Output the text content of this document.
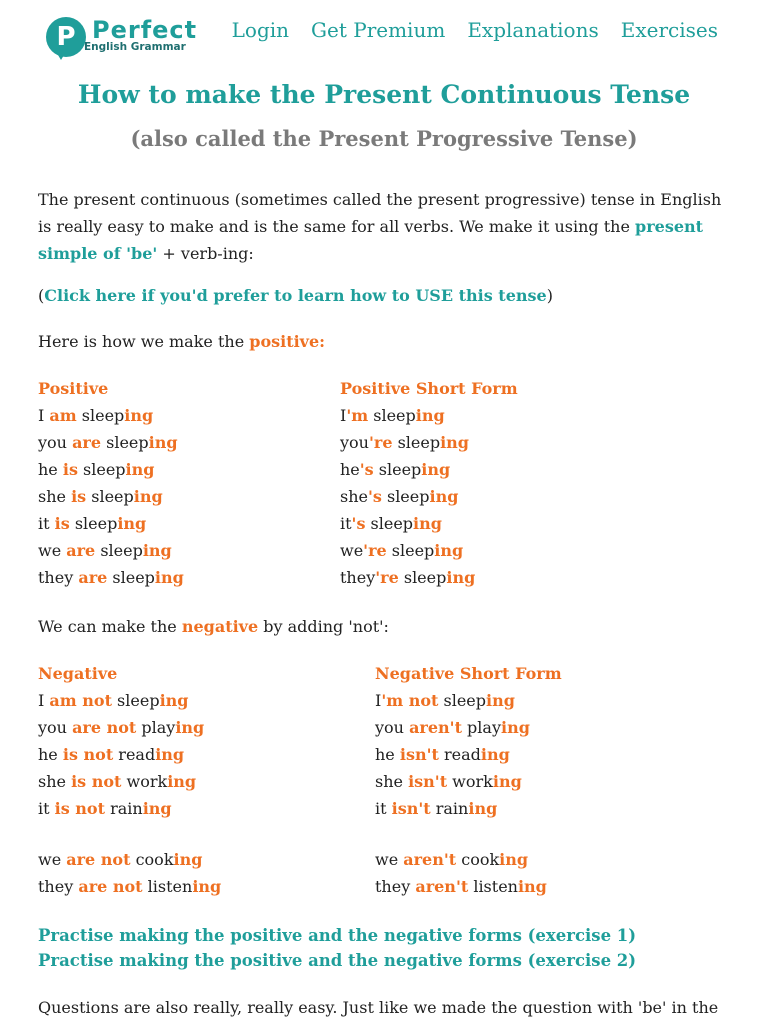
P Perfect
English Grammar
Login Get Premium Explanations Exercises
How to make the Present Continuous Tense
(also called the Present Progressive Tense)

The present continuous (sometimes called the present progressive) tense in English is really easy to make and is the same for all verbs. We make it using the present simple of 'be' + verb-ing:

(Click here if you'd prefer to learn how to USE this tense)

Here is how we make the positive:

Positive
I am sleeping
you are sleeping
he is sleeping
she is sleeping
it is sleeping
we are sleeping
they are sleeping
Positive Short Form
I'm sleeping
you're sleeping
he's sleeping
she's sleeping
it's sleeping
we're sleeping
they're sleeping

We can make the negative by adding 'not':

Negative
I am not sleeping
you are not playing
he is not reading
she is not working
it is not raining
we are not cooking
they are not listening
Negative Short Form
I'm not sleeping
you aren't playing
he isn't reading
she isn't working
it isn't raining
we aren't cooking
they aren't listening
Practise making the positive and the negative forms (exercise 1)
Practise making the positive and the negative forms (exercise 2)

Questions are also really, really easy. Just like we made the question with 'be' in the
